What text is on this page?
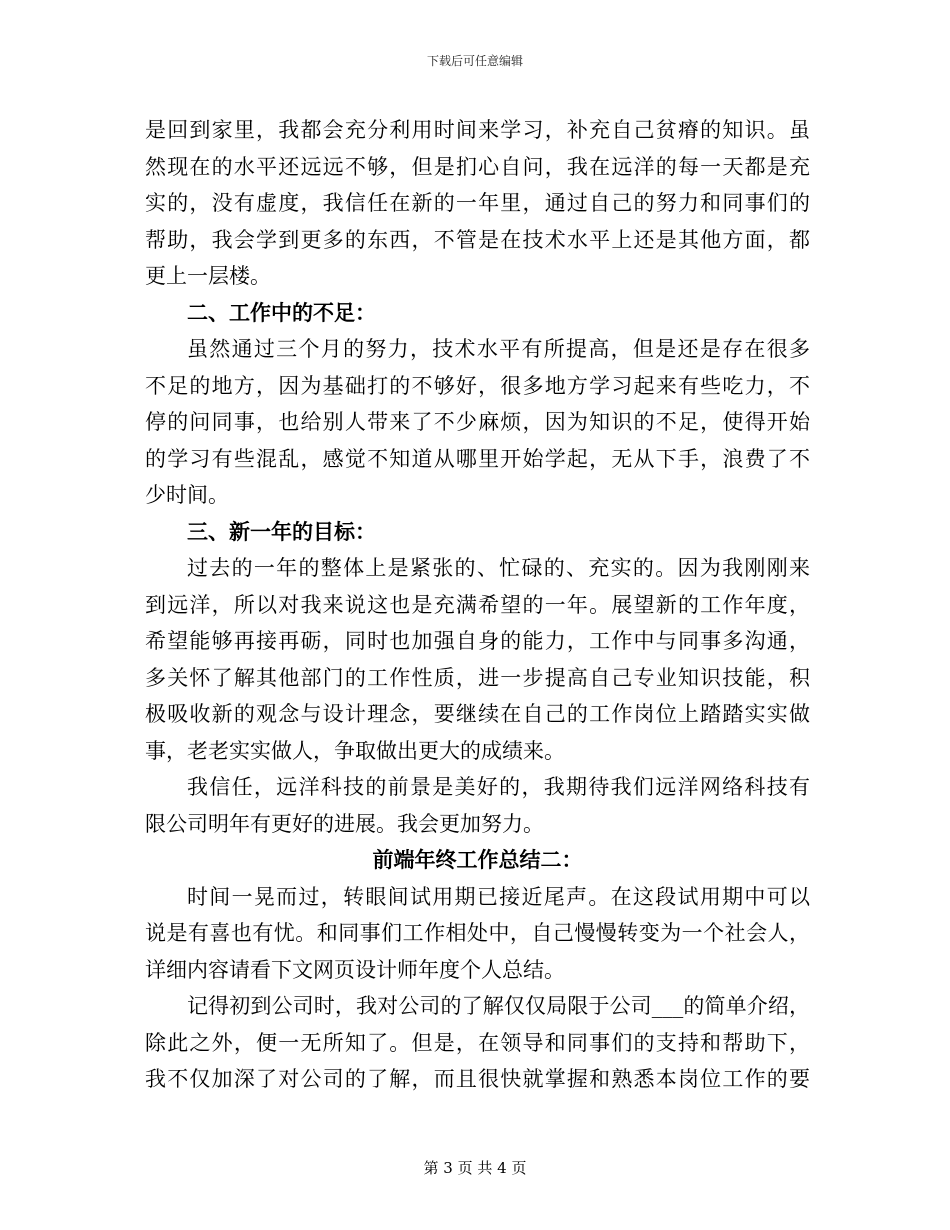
下载后可任意编辑
是回到家里，我都会充分利用时间来学习，补充自己贫瘠的知识。虽
然现在的水平还远远不够，但是扪心自问，我在远洋的每一天都是充
实的，没有虚度，我信任在新的一年里，通过自己的努力和同事们的
帮助，我会学到更多的东西，不管是在技术水平上还是其他方面，都
更上一层楼。
二、工作中的不足：
虽然通过三个月的努力，技术水平有所提高，但是还是存在很多
不足的地方，因为基础打的不够好，很多地方学习起来有些吃力，不
停的问同事，也给别人带来了不少麻烦，因为知识的不足，使得开始
的学习有些混乱，感觉不知道从哪里开始学起，无从下手，浪费了不
少时间。
三、新一年的目标：
过去的一年的整体上是紧张的、忙碌的、充实的。因为我刚刚来
到远洋，所以对我来说这也是充满希望的一年。展望新的工作年度，
希望能够再接再砺，同时也加强自身的能力，工作中与同事多沟通，
多关怀了解其他部门的工作性质，进一步提高自己专业知识技能，积
极吸收新的观念与设计理念，要继续在自己的工作岗位上踏踏实实做
事，老老实实做人，争取做出更大的成绩来。
我信任，远洋科技的前景是美好的，我期待我们远洋网络科技有
限公司明年有更好的进展。我会更加努力。
前端年终工作总结二：
时间一晃而过，转眼间试用期已接近尾声。在这段试用期中可以
说是有喜也有忧。和同事们工作相处中，自己慢慢转变为一个社会人，
详细内容请看下文网页设计师年度个人总结。
记得初到公司时，我对公司的了解仅仅局限于公司___的简单介绍，
除此之外，便一无所知了。但是，在领导和同事们的支持和帮助下，
我不仅加深了对公司的了解，而且很快就掌握和熟悉本岗位工作的要
第 3 页 共 4 页
